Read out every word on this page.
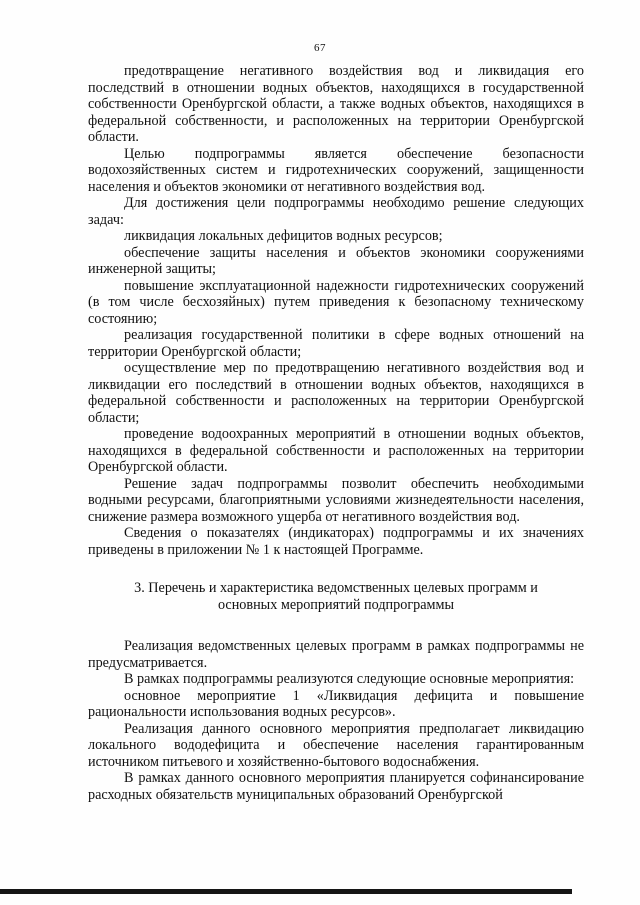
67

предотвращение негативного воздействия вод и ликвидация его последствий в отношении водных объектов, находящихся в государственной собственности Оренбургской области, а также водных объектов, находящихся в федеральной собственности, и расположенных на территории Оренбургской области.

Целью подпрограммы является обеспечение безопасности водохозяйственных систем и гидротехнических сооружений, защищенности населения и объектов экономики от негативного воздействия вод.

Для достижения цели подпрограммы необходимо решение следующих задач:

ликвидация локальных дефицитов водных ресурсов;

обеспечение защиты населения и объектов экономики сооружениями инженерной защиты;

повышение эксплуатационной надежности гидротехнических сооружений (в том числе бесхозяйных) путем приведения к безопасному техническому состоянию;

реализация государственной политики в сфере водных отношений на территории Оренбургской области;

осуществление мер по предотвращению негативного воздействия вод и ликвидации его последствий в отношении водных объектов, находящихся в федеральной собственности и расположенных на территории Оренбургской области;

проведение водоохранных мероприятий в отношении водных объектов, находящихся в федеральной собственности и расположенных на территории Оренбургской области.

Решение задач подпрограммы позволит обеспечить необходимыми водными ресурсами, благоприятными условиями жизнедеятельности населения, снижение размера возможного ущерба от негативного воздействия вод.

Сведения о показателях (индикаторах) подпрограммы и их значениях приведены в приложении № 1 к настоящей Программе.

3. Перечень и характеристика ведомственных целевых программ и основных мероприятий подпрограммы

Реализация ведомственных целевых программ в рамках подпрограммы не предусматривается.

В рамках подпрограммы реализуются следующие основные мероприятия:

основное мероприятие 1 «Ликвидация дефицита и повышение рациональности использования водных ресурсов».

Реализация данного основного мероприятия предполагает ликвидацию локального вододефицита и обеспечение населения гарантированным источником питьевого и хозяйственно-бытового водоснабжения.

В рамках данного основного мероприятия планируется софинансирование расходных обязательств муниципальных образований Оренбургской
